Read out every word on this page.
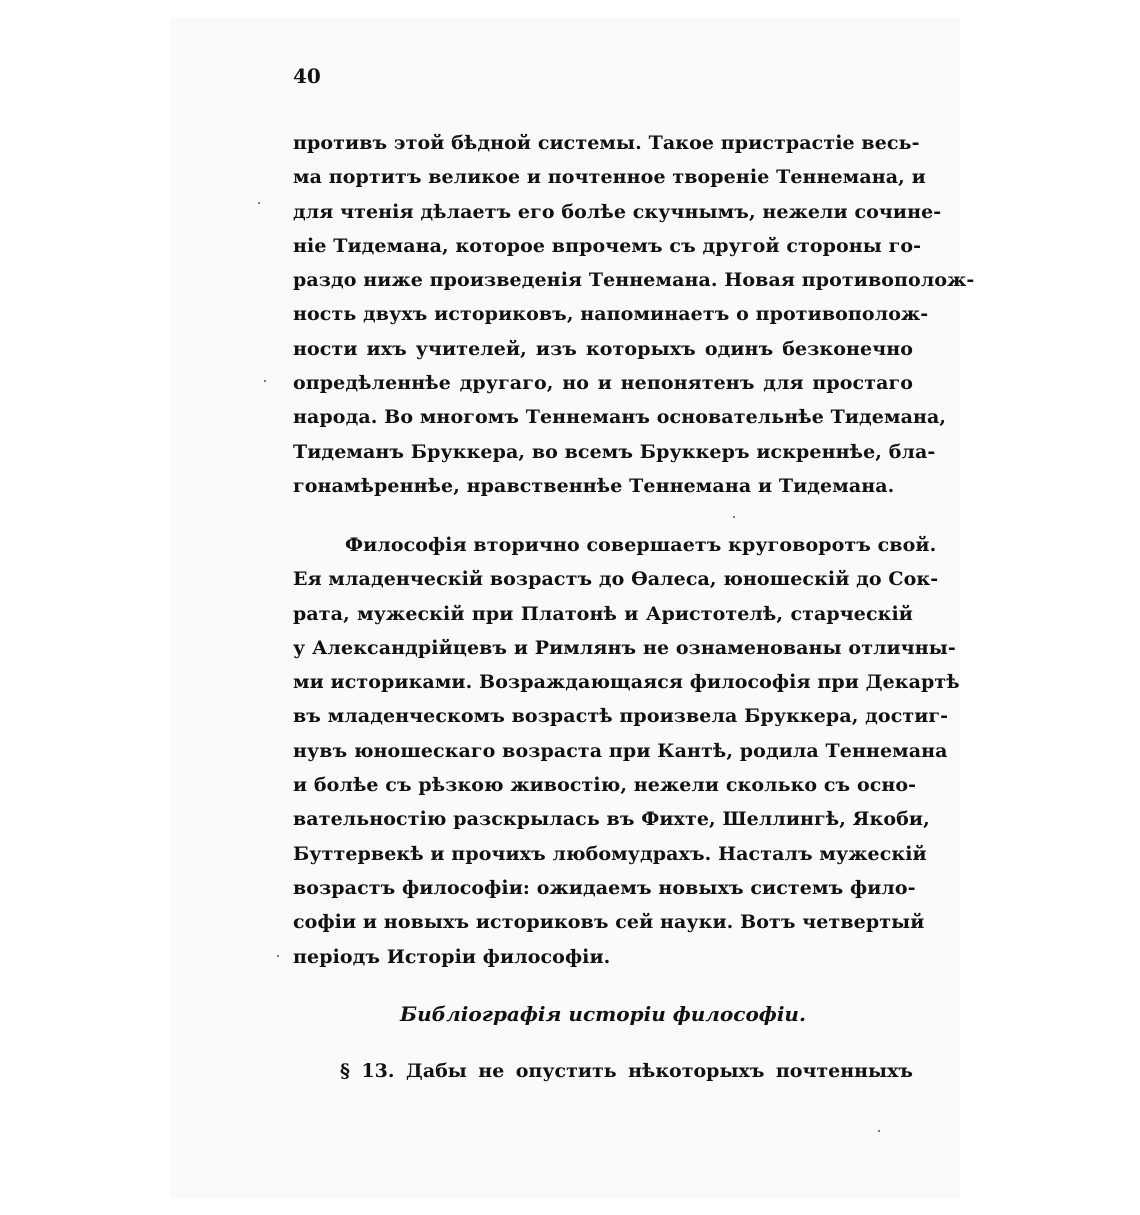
40
противъ этой бѣдной системы. Такое пристрастіе весь-
ма портитъ великое и почтенное твореніе Теннемана, и
для чтенія дѣлаетъ его болѣе скучнымъ, нежели сочине-
ніе Тидемана, которое впрочемъ съ другой стороны го-
раздо ниже произведенія Теннемана. Новая противополож-
ность двухъ историковъ, напоминаетъ о противополож-
ности ихъ учителей, изъ которыхъ одинъ безконечно
опредѣленнѣе другаго, но и непонятенъ для простаго
народа. Во многомъ Теннеманъ основательнѣе Тидемана,
Тидеманъ Бруккера, во всемъ Бруккеръ искреннѣе, бла-
гонамѣреннѣе, нравственнѣе Теннемана и Тидемана.
Философія вторично совершаетъ круговоротъ свой.
Ея младенческій возрастъ до Ѳалеса, юношескій до Сок-
рата, мужескій при Платонѣ и Аристотелѣ, старческій
у Александрійцевъ и Римлянъ не ознаменованы отличны-
ми историками. Возраждающаяся философія при Декартѣ
въ младенческомъ возрастѣ произвела Бруккера, достиг-
нувъ юношескаго возраста при Кантѣ, родила Теннемана
и болѣе съ рѣзкою живостію, нежели сколько съ осно-
вательностію разскрылась въ Фихте, Шеллингѣ, Якоби,
Буттервекѣ и прочихъ любомудрахъ. Насталъ мужескій
возрастъ философіи: ожидаемъ новыхъ системъ фило-
софіи и новыхъ историковъ сей науки. Вотъ четвертый
періодъ Исторіи философіи.
Библіографія исторіи философіи.
§ 13. Дабы не опустить нѣкоторыхъ почтенныхъ
